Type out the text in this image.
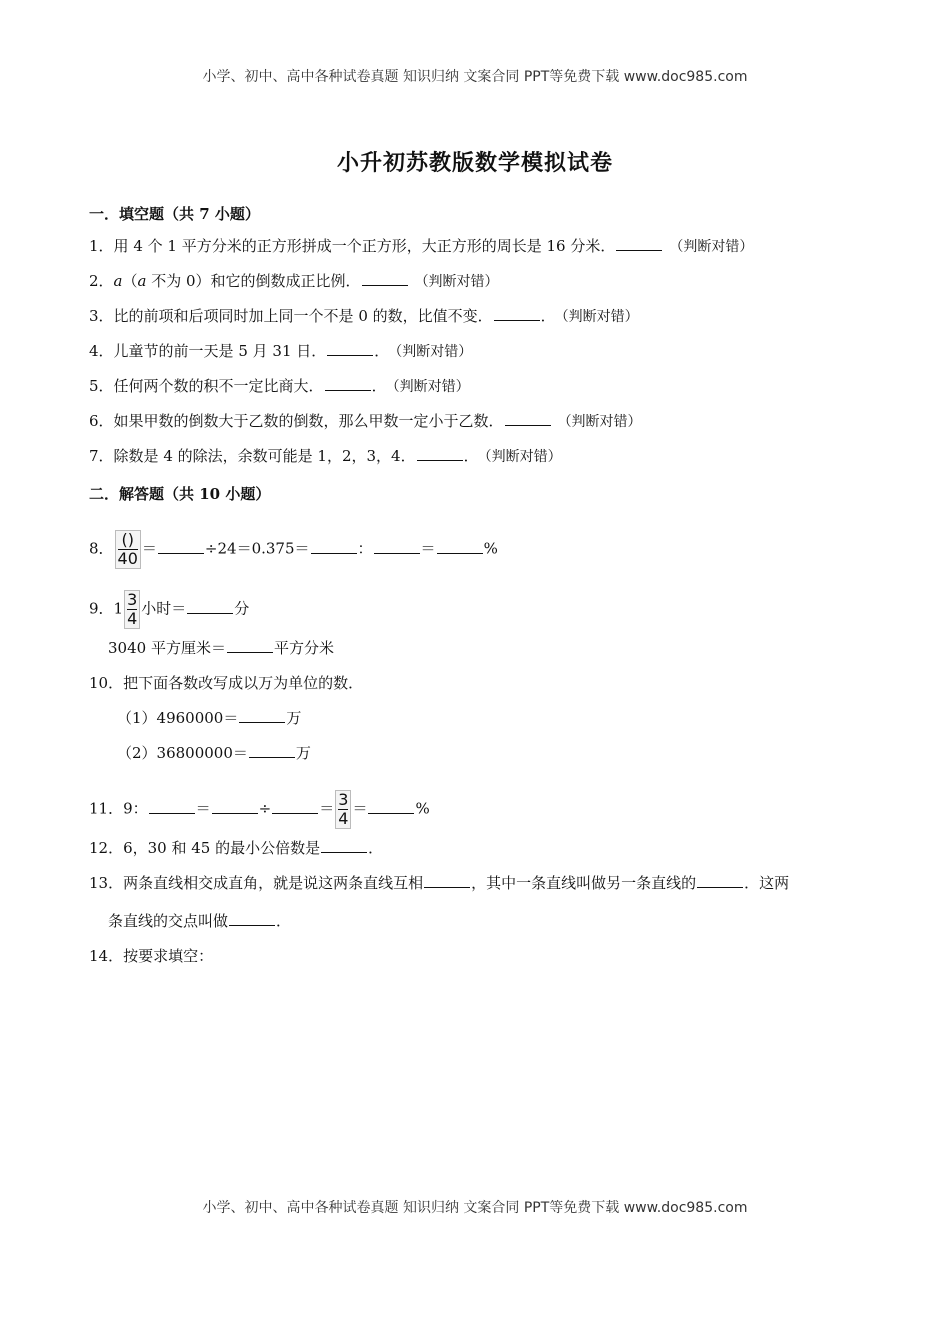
小学、初中、高中各种试卷真题 知识归纳 文案合同 PPT等免费下载 www.doc985.com
小升初苏教版数学模拟试卷
一．填空题（共 7 小题）
1．用 4 个 1 平方分米的正方形拼成一个正方形，大正方形的周长是 16 分米．	（判断对错）
2．a（a 不为 0）和它的倒数成正比例．	（判断对错）
3．比的前项和后项同时加上同一个不是 0 的数，比值不变．	． （判断对错）
4．儿童节的前一天是 5 月 31 日．	． （判断对错）
5．任何两个数的积不一定比商大．	． （判断对错）
6．如果甲数的倒数大于乙数的倒数，那么甲数一定小于乙数．	（判断对错）
7．除数是 4 的除法，余数可能是 1，2，3，4．	． （判断对错）
二．解答题（共 10 小题）
8． $\frac{()}{40}$ ＝	÷24＝0.375＝	：	＝	%
9．$1 \frac{3}{4}$ 小时＝	分
3040 平方厘米＝	平方分米
10．把下面各数改写成以万为单位的数．
（1）4960000＝	万
（2）36800000＝	万
11．9：	＝	÷	＝ $\frac{3}{4}$ ＝	%
12．6，30 和 45 的最小公倍数是	．
13．两条直线相交成直角，就是说这两条直线互相	，其中一条直线叫做另一条直线的	．这两
条直线的交点叫做	．
14．按要求填空：
小学、初中、高中各种试卷真题 知识归纳 文案合同 PPT等免费下载 www.doc985.com
